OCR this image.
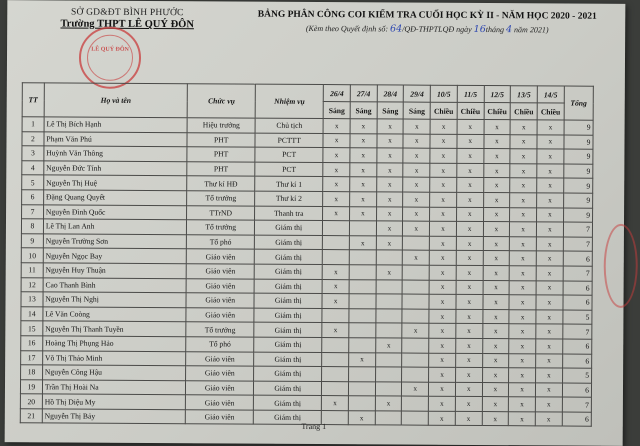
SỞ GD&ĐT BÌNH PHƯỚC
Trường THPT LÊ QUÝ ĐÔN
LÊ QUÝ ĐÔN
BẢNG PHÂN CÔNG COI KIỂM TRA CUỐI HỌC KỲ II - NĂM HỌC 2020 - 2021
(Kèm theo Quyết định số: 64/QĐ-THPTLQĐ ngày 16tháng 4 năm 2021)
TT	Họ và tên	Chức vụ	Nhiệm vụ	26/4	27/4	28/4	29/4	10/5	11/5	12/5	13/5	14/5	Tổng
				Sáng	Sáng	Sáng	Sáng	Chiều	Chiều	Chiều	Chiều	Chiều	
1	Lê Thị Bích Hạnh	Hiệu trưởng	Chủ tịch	x	x	x	x	x	x	x	x	x	9
2	Phạm Văn Phú	PHT	PCTTT	x	x	x	x	x	x	x	x	x	9
3	Huỳnh Văn Thông	PHT	PCT	x	x	x	x	x	x	x	x	x	9
4	Nguyễn Đức Tính	PHT	PCT	x	x	x	x	x	x	x	x	x	9
5	Nguyễn Thị Huệ	Thư kí HĐ	Thư kí 1	x	x	x	x	x	x	x	x	x	9
6	Đặng Quang Quyết	Tổ trưởng	Thư kí 2	x	x	x	x	x	x	x	x	x	9
7	Nguyễn Đình Quốc	TTrND	Thanh tra	x	x	x	x	x	x	x	x	x	9
8	Lê Thị Lan Anh	Tổ trưởng	Giám thị			x	x	x	x	x	x	x	7
9	Nguyễn Trường Sơn	Tổ phó	Giám thị		x	x		x	x	x	x	x	7
10	Nguyễn Ngọc Bay	Giáo viên	Giám thị				x	x	x	x	x	x	6
11	Nguyễn Huy Thuận	Giáo viên	Giám thị	x		x		x	x	x	x	x	7
12	Cao Thanh Bình	Giáo viên	Giám thị	x				x	x	x	x	x	6
13	Nguyễn Thị Nghị	Giáo viên	Giám thị	x				x	x	x	x	x	6
14	Lê Văn Coòng	Giáo viên	Giám thị					x	x	x	x	x	5
15	Nguyễn Thị Thanh Tuyền	Tổ trưởng	Giám thị	x			x	x	x	x	x	x	7
16	Hoàng Thị Phụng Hảo	Tổ phó	Giám thị			x		x	x	x	x	x	6
17	Võ Thị Thảo Minh	Giáo viên	Giám thị		x			x	x	x	x	x	6
18	Nguyễn Công Hậu	Giáo viên	Giám thị					x	x	x	x	x	5
19	Trần Thị Hoài Na	Giáo viên	Giám thị				x	x	x	x	x	x	6
20	Hồ Thị Diệu My	Giáo viên	Giám thị	x		x		x	x	x	x	x	7
21	Nguyễn Thị Bảy	Giáo viên	Giám thị		x			x	x	x	x	x	6
Trang 1
